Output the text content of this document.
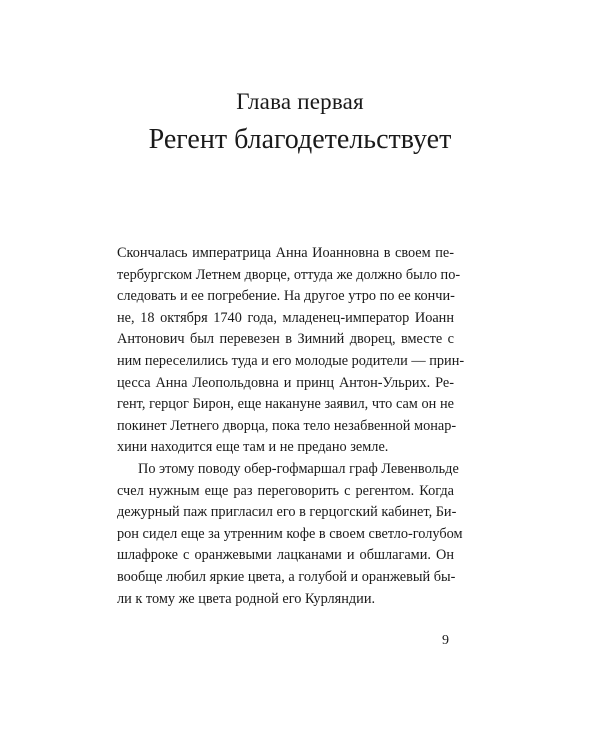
Глава первая
Регент благодетельствует

Скончалась императрица Анна Иоанновна в своем пе-
тербургском Летнем дворце, оттуда же должно было по-
следовать и ее погребение. На другое утро по ее кончи-
не, 18 октября 1740 года, младенец-император Иоанн
Антонович был перевезен в Зимний дворец, вместе с
ним переселились туда и его молодые родители — прин-
цесса Анна Леопольдовна и принц Антон-Ульрих. Ре-
гент, герцог Бирон, еще накануне заявил, что сам он не
покинет Летнего дворца, пока тело незабвенной монар-
хини находится еще там и не предано земле.

По этому поводу обер-гофмаршал граф Левенвольде
счел нужным еще раз переговорить с регентом. Когда
дежурный паж пригласил его в герцогский кабинет, Би-
рон сидел еще за утренним кофе в своем светло-голубом
шлафроке с оранжевыми лацканами и обшлагами. Он
вообще любил яркие цвета, а голубой и оранжевый бы-
ли к тому же цвета родной его Курляндии.

9
